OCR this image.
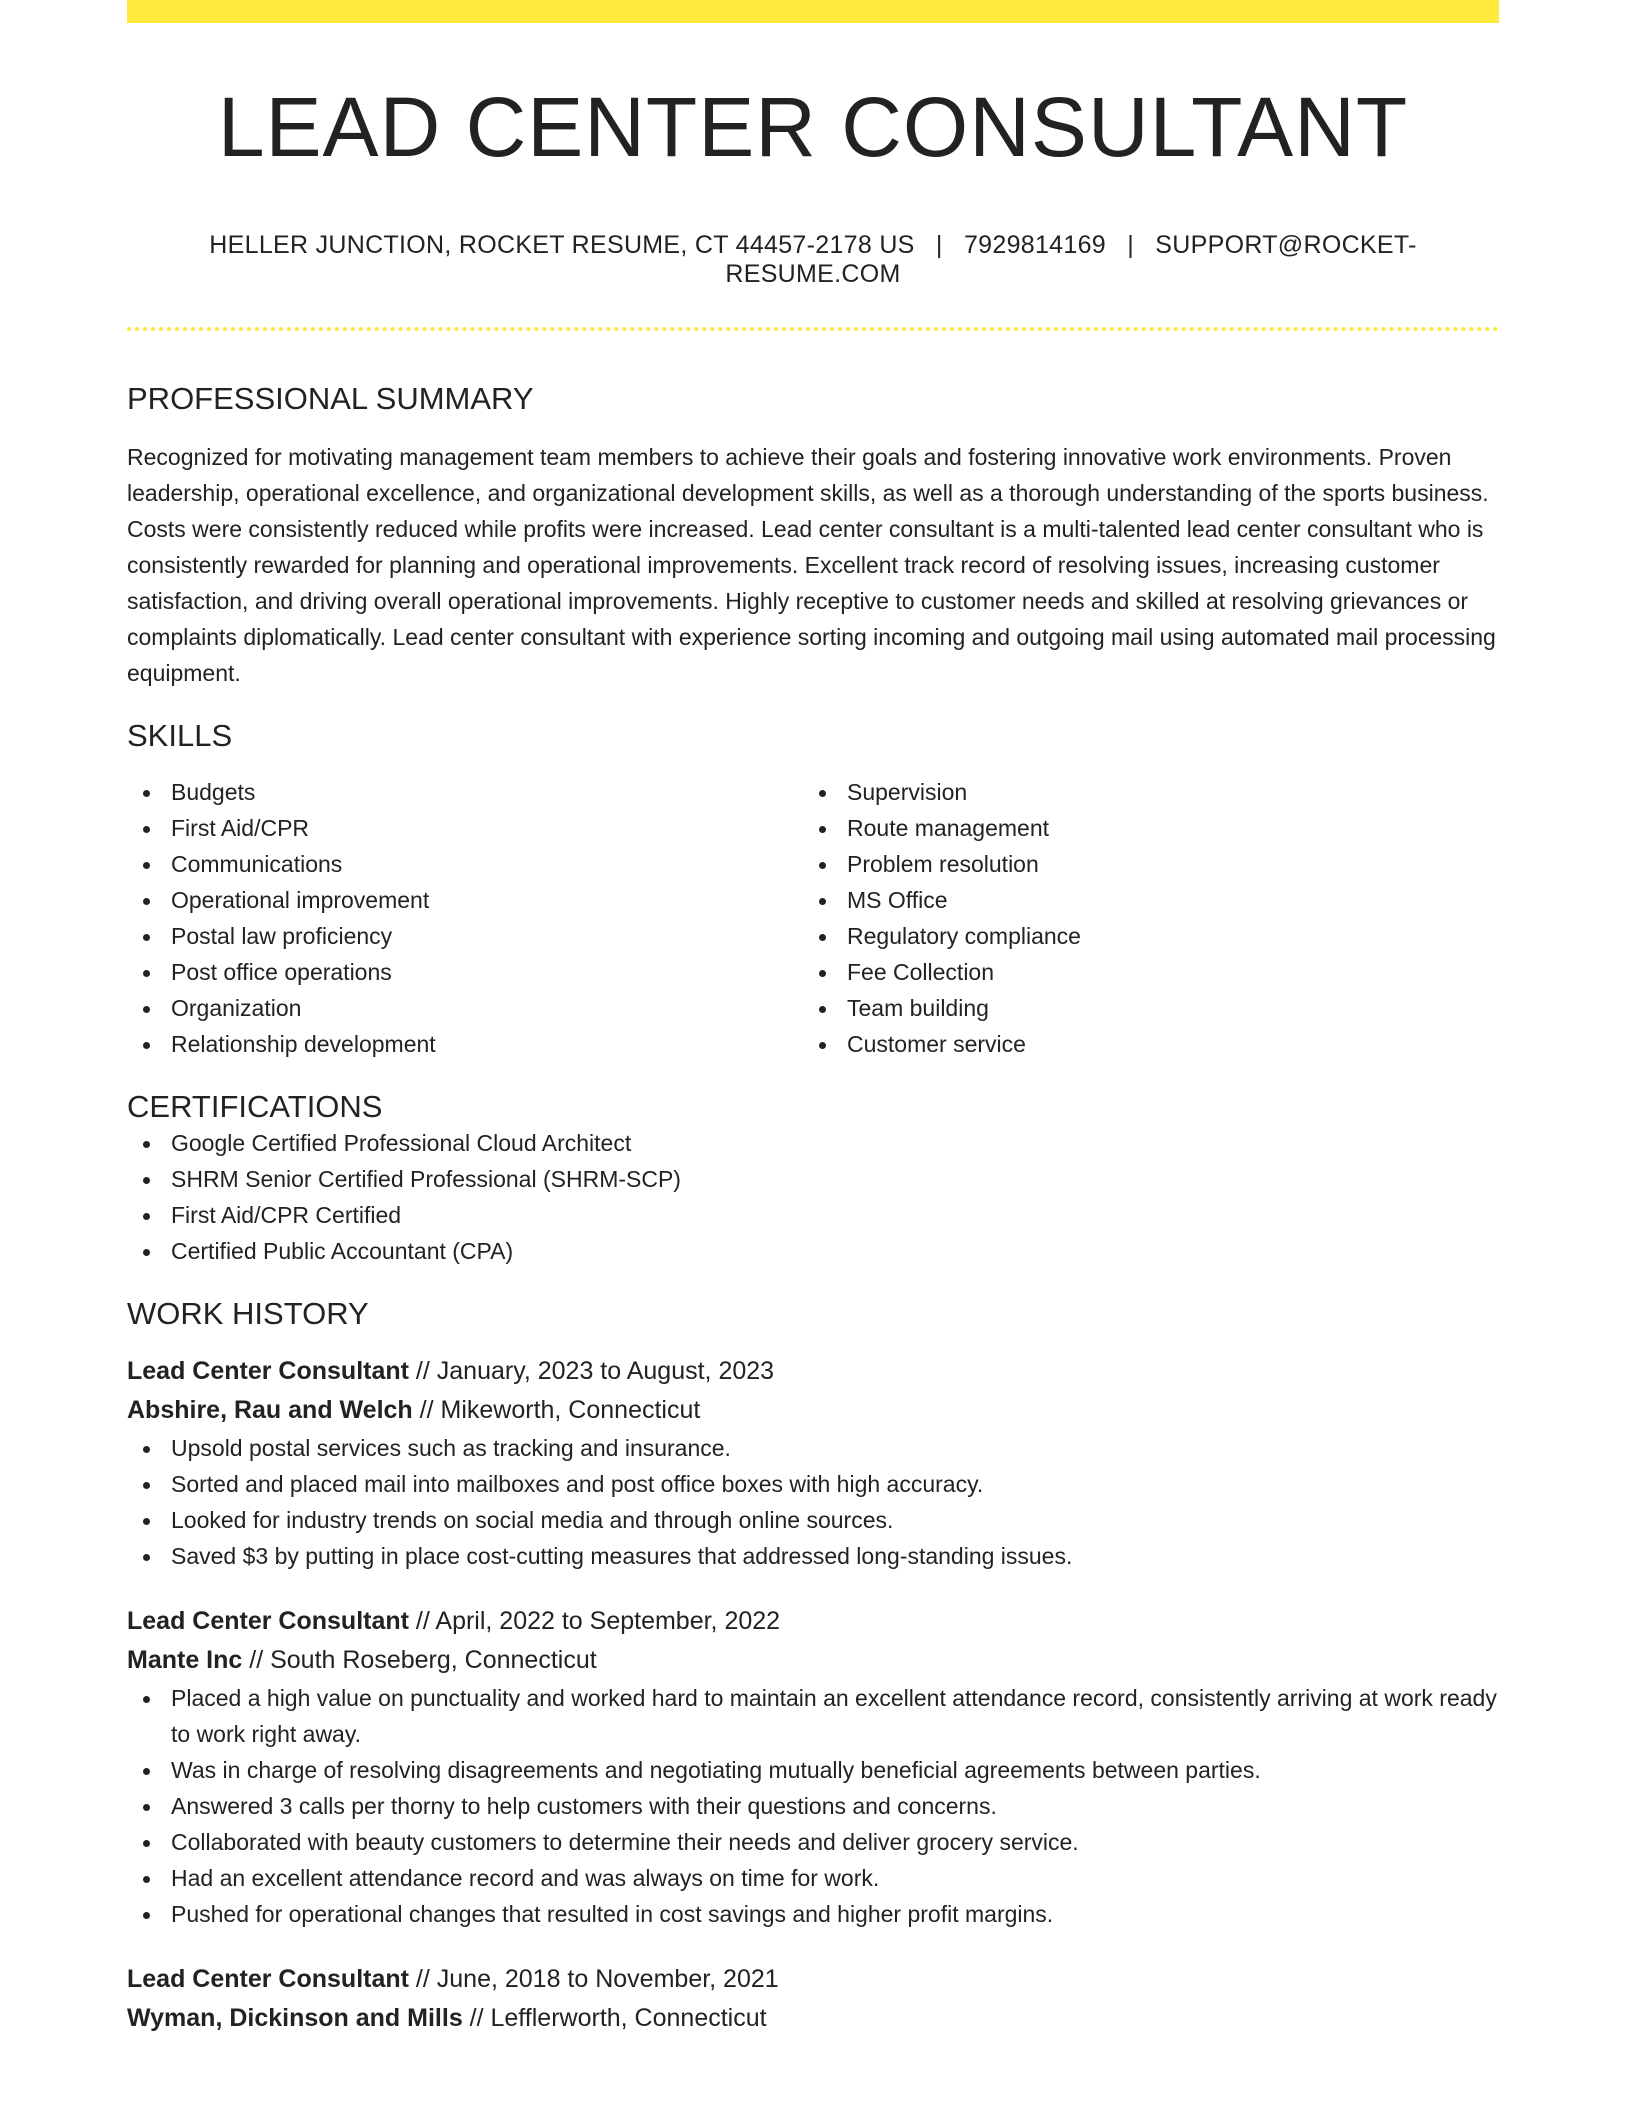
LEAD CENTER CONSULTANT
HELLER JUNCTION, ROCKET RESUME, CT 44457-2178 US | 7929814169 | SUPPORT@ROCKET-RESUME.COM
PROFESSIONAL SUMMARY

Recognized for motivating management team members to achieve their goals and fostering innovative work environments. Proven leadership, operational excellence, and organizational development skills, as well as a thorough understanding of the sports business. Costs were consistently reduced while profits were increased. Lead center consultant is a multi-talented lead center consultant who is consistently rewarded for planning and operational improvements. Excellent track record of resolving issues, increasing customer satisfaction, and driving overall operational improvements. Highly receptive to customer needs and skilled at resolving grievances or complaints diplomatically. Lead center consultant with experience sorting incoming and outgoing mail using automated mail processing equipment.

SKILLS
Budgets
First Aid/CPR
Communications
Operational improvement
Postal law proficiency
Post office operations
Organization
Relationship development
Supervision
Route management
Problem resolution
MS Office
Regulatory compliance
Fee Collection
Team building
Customer service
CERTIFICATIONS
Google Certified Professional Cloud Architect
SHRM Senior Certified Professional (SHRM-SCP)
First Aid/CPR Certified
Certified Public Accountant (CPA)
WORK HISTORY
Lead Center Consultant // January, 2023 to August, 2023
Abshire, Rau and Welch // Mikeworth, Connecticut
Upsold postal services such as tracking and insurance.
Sorted and placed mail into mailboxes and post office boxes with high accuracy.
Looked for industry trends on social media and through online sources.
Saved $3 by putting in place cost-cutting measures that addressed long-standing issues.
Lead Center Consultant // April, 2022 to September, 2022
Mante Inc // South Roseberg, Connecticut
Placed a high value on punctuality and worked hard to maintain an excellent attendance record, consistently arriving at work ready to work right away.
Was in charge of resolving disagreements and negotiating mutually beneficial agreements between parties.
Answered 3 calls per thorny to help customers with their questions and concerns.
Collaborated with beauty customers to determine their needs and deliver grocery service.
Had an excellent attendance record and was always on time for work.
Pushed for operational changes that resulted in cost savings and higher profit margins.
Lead Center Consultant // June, 2018 to November, 2021
Wyman, Dickinson and Mills // Lefflerworth, Connecticut
